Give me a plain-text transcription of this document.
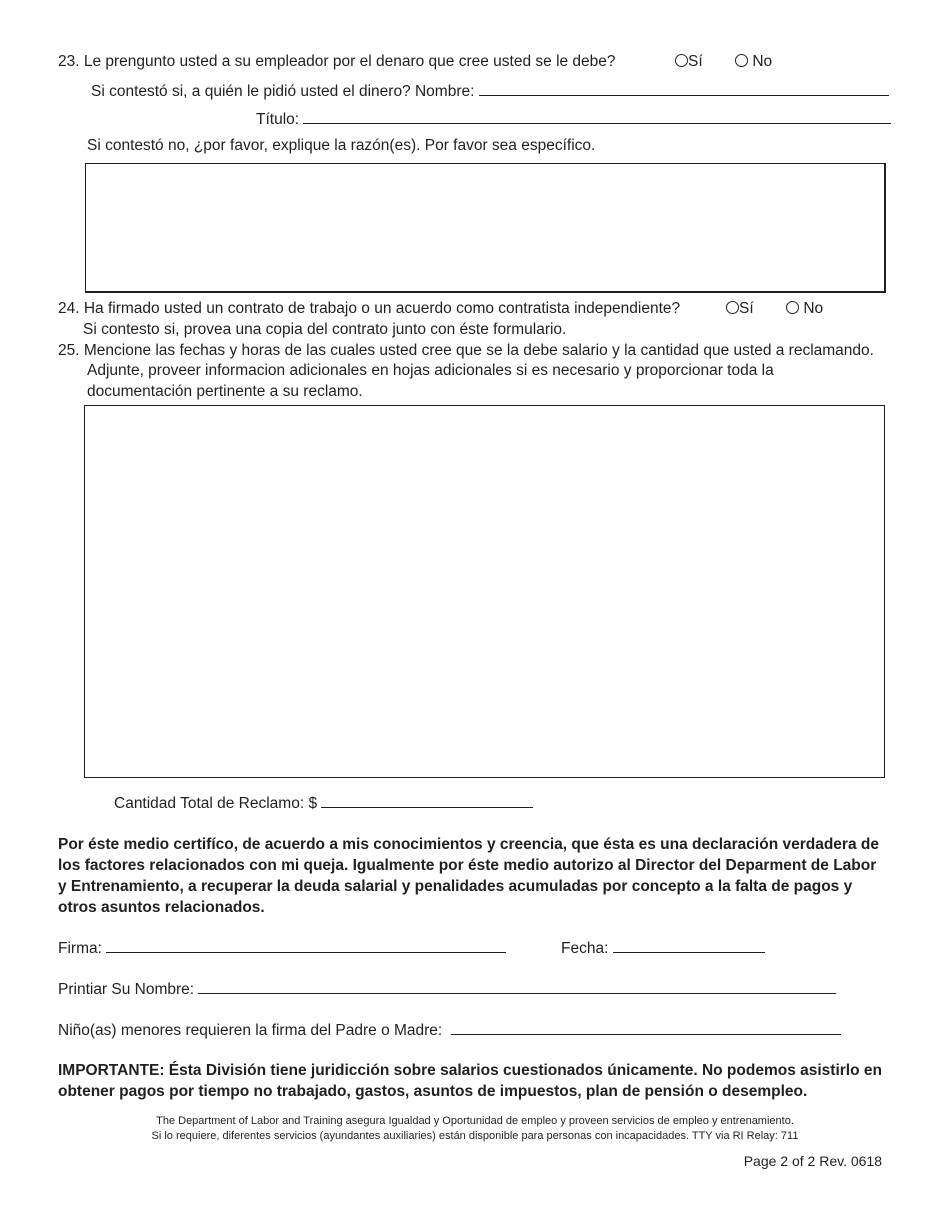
23. Le prengunto usted a su empleador por el denaro que cree usted se le debe?	Sí	No
Si contestó si, a quién le pidió usted el dinero? Nombre:
Título:
Si contestó no, ¿por favor, explique la razón(es). Por favor sea específico.
24. Ha firmado usted un contrato de trabajo o un acuerdo como contratista independiente?	Sí	No
Si contesto si, provea una copia del contrato junto con éste formulario.
25. Mencione las fechas y horas de las cuales usted cree que se la debe salario y la cantidad que usted a reclamando.
Adjunte, proveer informacion adicionales en hojas adicionales si es necesario y proporcionar toda la
documentación pertinente a su reclamo.
Cantidad Total de Reclamo: $
Por éste medio certifíco, de acuerdo a mis conocimientos y creencia, que ésta es una declaración verdadera de los factores relacionados con mi queja. Igualmente por éste medio autorizo al Director del Deparment de Labor y Entrenamiento, a recuperar la deuda salarial y penalidades acumuladas por concepto a la falta de pagos y otros asuntos relacionados.
Firma:	Fecha:
Printiar Su Nombre:
Niño(as) menores requieren la firma del Padre o Madre:
IMPORTANTE: Ésta División tiene juridicción sobre salarios cuestionados únicamente. No podemos asistirlo en obtener pagos por tiempo no trabajado, gastos, asuntos de impuestos, plan de pensión o desempleo.
The Department of Labor and Training asegura Igualdad y Oportunidad de empleo y proveen servicios de empleo y entrenamiento.
Si lo requiere, diferentes servicios (ayundantes auxiliaries) están disponible para personas con incapacidades. TTY via RI Relay: 711
Page 2 of 2 Rev. 0618
